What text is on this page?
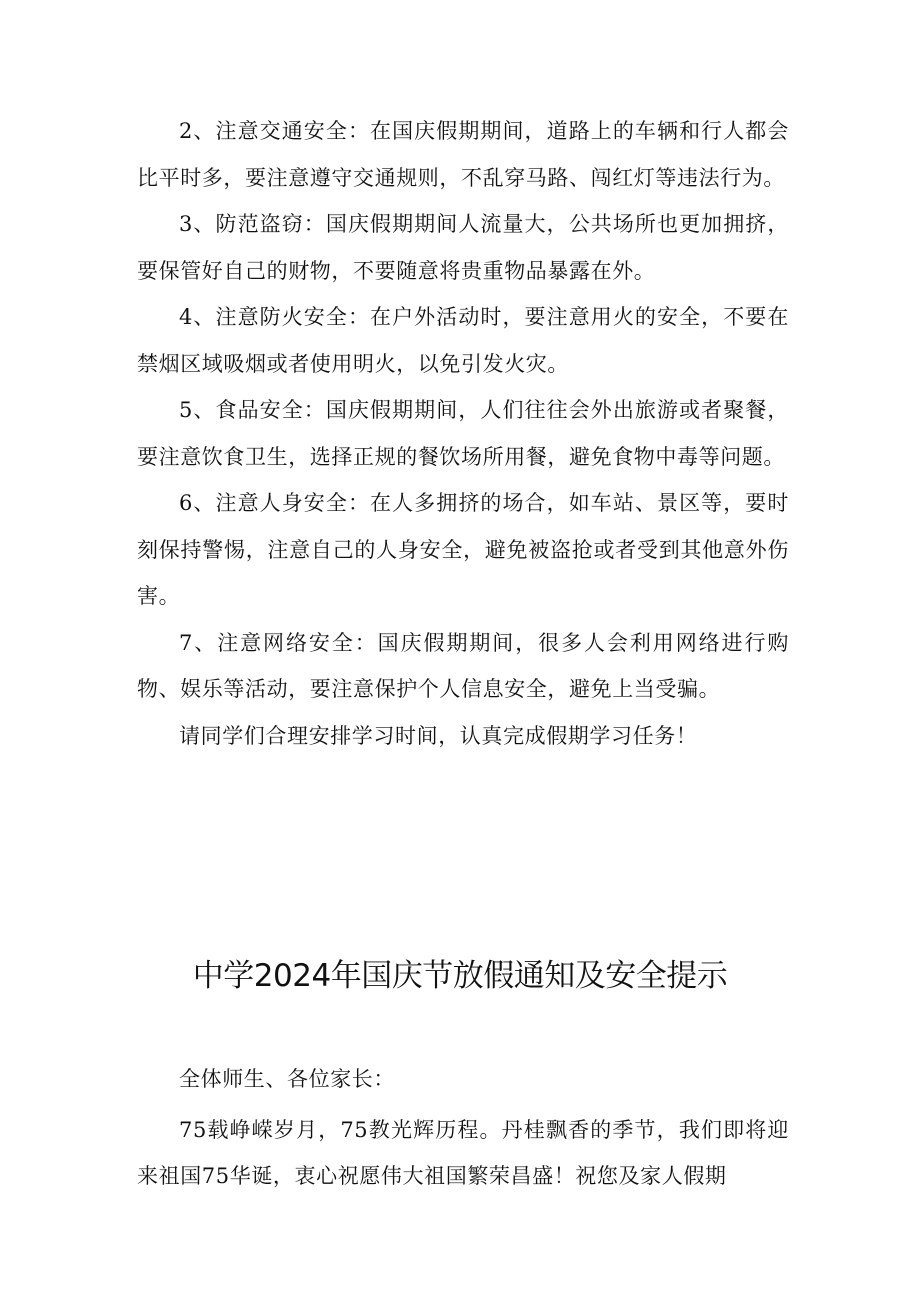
2、注意交通安全：在国庆假期期间，道路上的车辆和行人都会比平时多，要注意遵守交通规则，不乱穿马路、闯红灯等违法行为。

3、防范盗窃：国庆假期期间人流量大，公共场所也更加拥挤，要保管好自己的财物，不要随意将贵重物品暴露在外。

4、注意防火安全：在户外活动时，要注意用火的安全，不要在禁烟区域吸烟或者使用明火，以免引发火灾。

5、食品安全：国庆假期期间，人们往往会外出旅游或者聚餐，要注意饮食卫生，选择正规的餐饮场所用餐，避免食物中毒等问题。

6、注意人身安全：在人多拥挤的场合，如车站、景区等，要时刻保持警惕，注意自己的人身安全，避免被盗抢或者受到其他意外伤害。

7、注意网络安全：国庆假期期间，很多人会利用网络进行购物、娱乐等活动，要注意保护个人信息安全，避免上当受骗。

请同学们合理安排学习时间，认真完成假期学习任务！

中学2024年国庆节放假通知及安全提示

全体师生、各位家长：

75载峥嵘岁月，75教光辉历程。丹桂飘香的季节，我们即将迎来祖国75华诞，衷心祝愿伟大祖国繁荣昌盛！祝您及家人假期
